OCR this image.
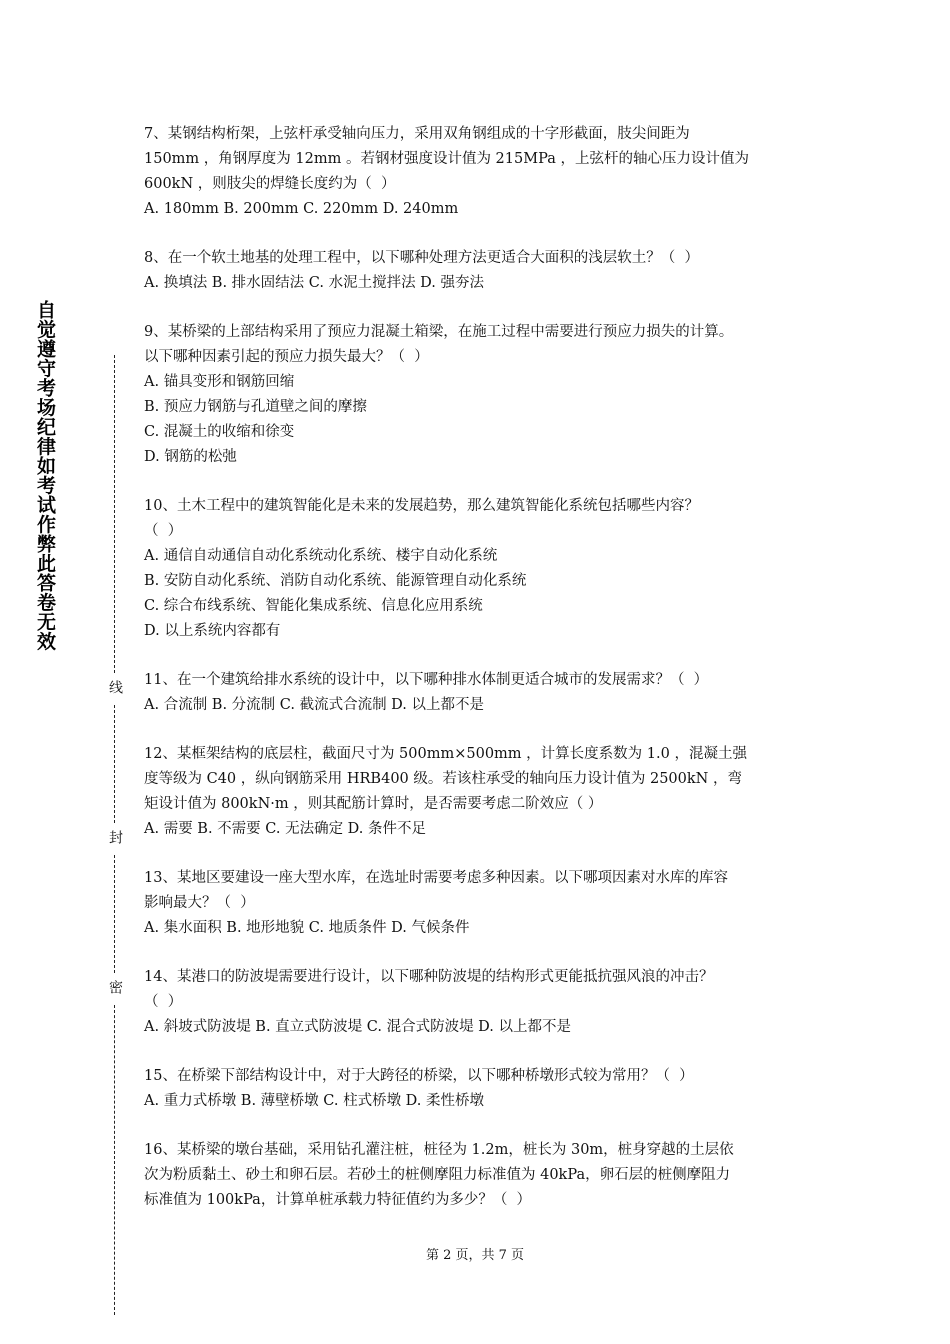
自觉遵守考场纪律如考试作弊此答卷无效
线
封
密

7、某钢结构桁架，上弦杆承受轴向压力，采用双角钢组成的十字形截面，肢尖间距为

150mm ，角钢厚度为 12mm 。若钢材强度设计值为 215MPa ，上弦杆的轴心压力设计值为

600kN ，则肢尖的焊缝长度约为（  ）

A. 180mm B. 200mm C. 220mm D. 240mm

8、在一个软土地基的处理工程中，以下哪种处理方法更适合大面积的浅层软土？（  ）

A. 换填法 B. 排水固结法 C. 水泥土搅拌法 D. 强夯法

9、某桥梁的上部结构采用了预应力混凝土箱梁，在施工过程中需要进行预应力损失的计算。

以下哪种因素引起的预应力损失最大？（  ）

A. 锚具变形和钢筋回缩

B. 预应力钢筋与孔道壁之间的摩擦

C. 混凝土的收缩和徐变

D. 钢筋的松弛

10、土木工程中的建筑智能化是未来的发展趋势，那么建筑智能化系统包括哪些内容？

（  ）

A. 通信自动通信自动化系统动化系统、楼宇自动化系统

B. 安防自动化系统、消防自动化系统、能源管理自动化系统

C. 综合布线系统、智能化集成系统、信息化应用系统

D. 以上系统内容都有

11、在一个建筑给排水系统的设计中，以下哪种排水体制更适合城市的发展需求？（  ）

A. 合流制 B. 分流制 C. 截流式合流制 D. 以上都不是

12、某框架结构的底层柱，截面尺寸为 500mm×500mm ，计算长度系数为 1.0 ，混凝土强

度等级为 C40 ，纵向钢筋采用 HRB400 级。若该柱承受的轴向压力设计值为 2500kN ，弯

矩设计值为 800kN·m ，则其配筋计算时，是否需要考虑二阶效应（ ）

A. 需要 B. 不需要 C. 无法确定 D. 条件不足

13、某地区要建设一座大型水库，在选址时需要考虑多种因素。以下哪项因素对水库的库容

影响最大？（  ）

A. 集水面积 B. 地形地貌 C. 地质条件 D. 气候条件

14、某港口的防波堤需要进行设计，以下哪种防波堤的结构形式更能抵抗强风浪的冲击？

（  ）

A. 斜坡式防波堤 B. 直立式防波堤 C. 混合式防波堤 D. 以上都不是

15、在桥梁下部结构设计中，对于大跨径的桥梁，以下哪种桥墩形式较为常用？（  ）

A. 重力式桥墩 B. 薄壁桥墩 C. 柱式桥墩 D. 柔性桥墩

16、某桥梁的墩台基础，采用钻孔灌注桩，桩径为 1.2m，桩长为 30m，桩身穿越的土层依

次为粉质黏土、砂土和卵石层。若砂土的桩侧摩阻力标准值为 40kPa，卵石层的桩侧摩阻力

标准值为 100kPa，计算单桩承载力特征值约为多少？（  ）

第 2 页，共 7 页
